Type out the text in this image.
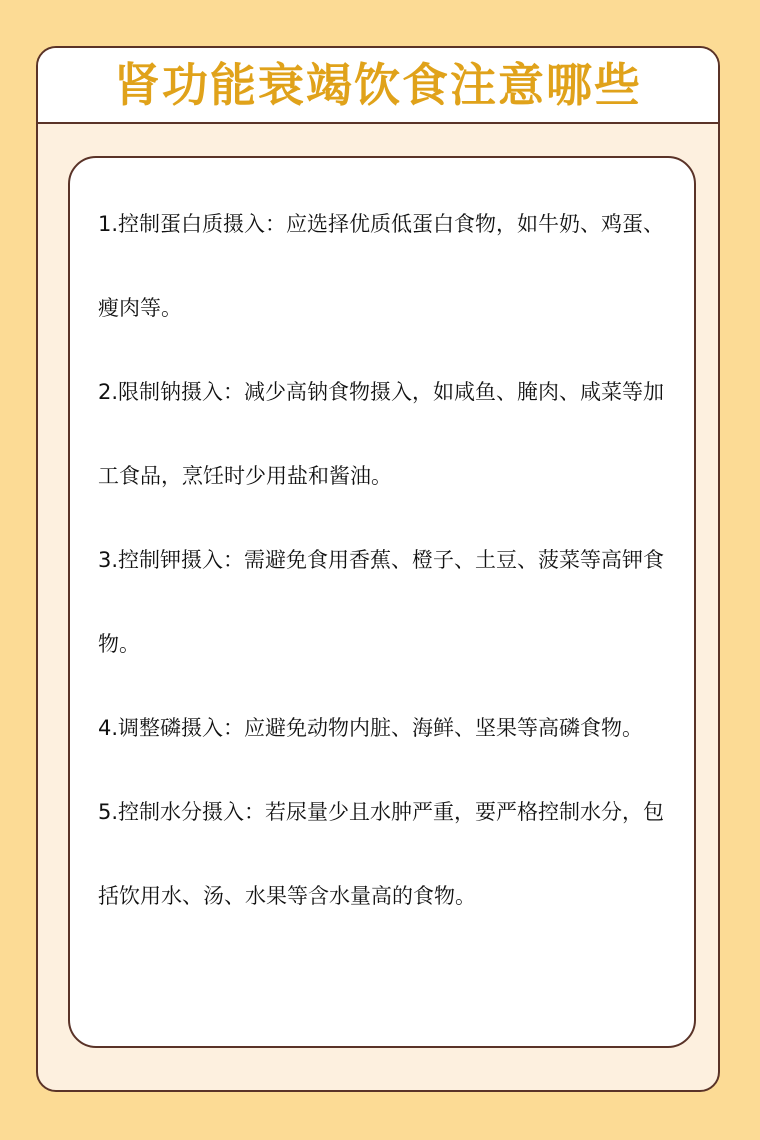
肾功能衰竭饮食注意哪些
1.控制蛋白质摄入：应选择优质低蛋白食物，如牛奶、鸡蛋、瘦肉等。
2.限制钠摄入：减少高钠食物摄入，如咸鱼、腌肉、咸菜等加工食品，烹饪时少用盐和酱油。
3.控制钾摄入：需避免食用香蕉、橙子、土豆、菠菜等高钾食物。
4.调整磷摄入：应避免动物内脏、海鲜、坚果等高磷食物。
5.控制水分摄入：若尿量少且水肿严重，要严格控制水分，包括饮用水、汤、水果等含水量高的食物。
